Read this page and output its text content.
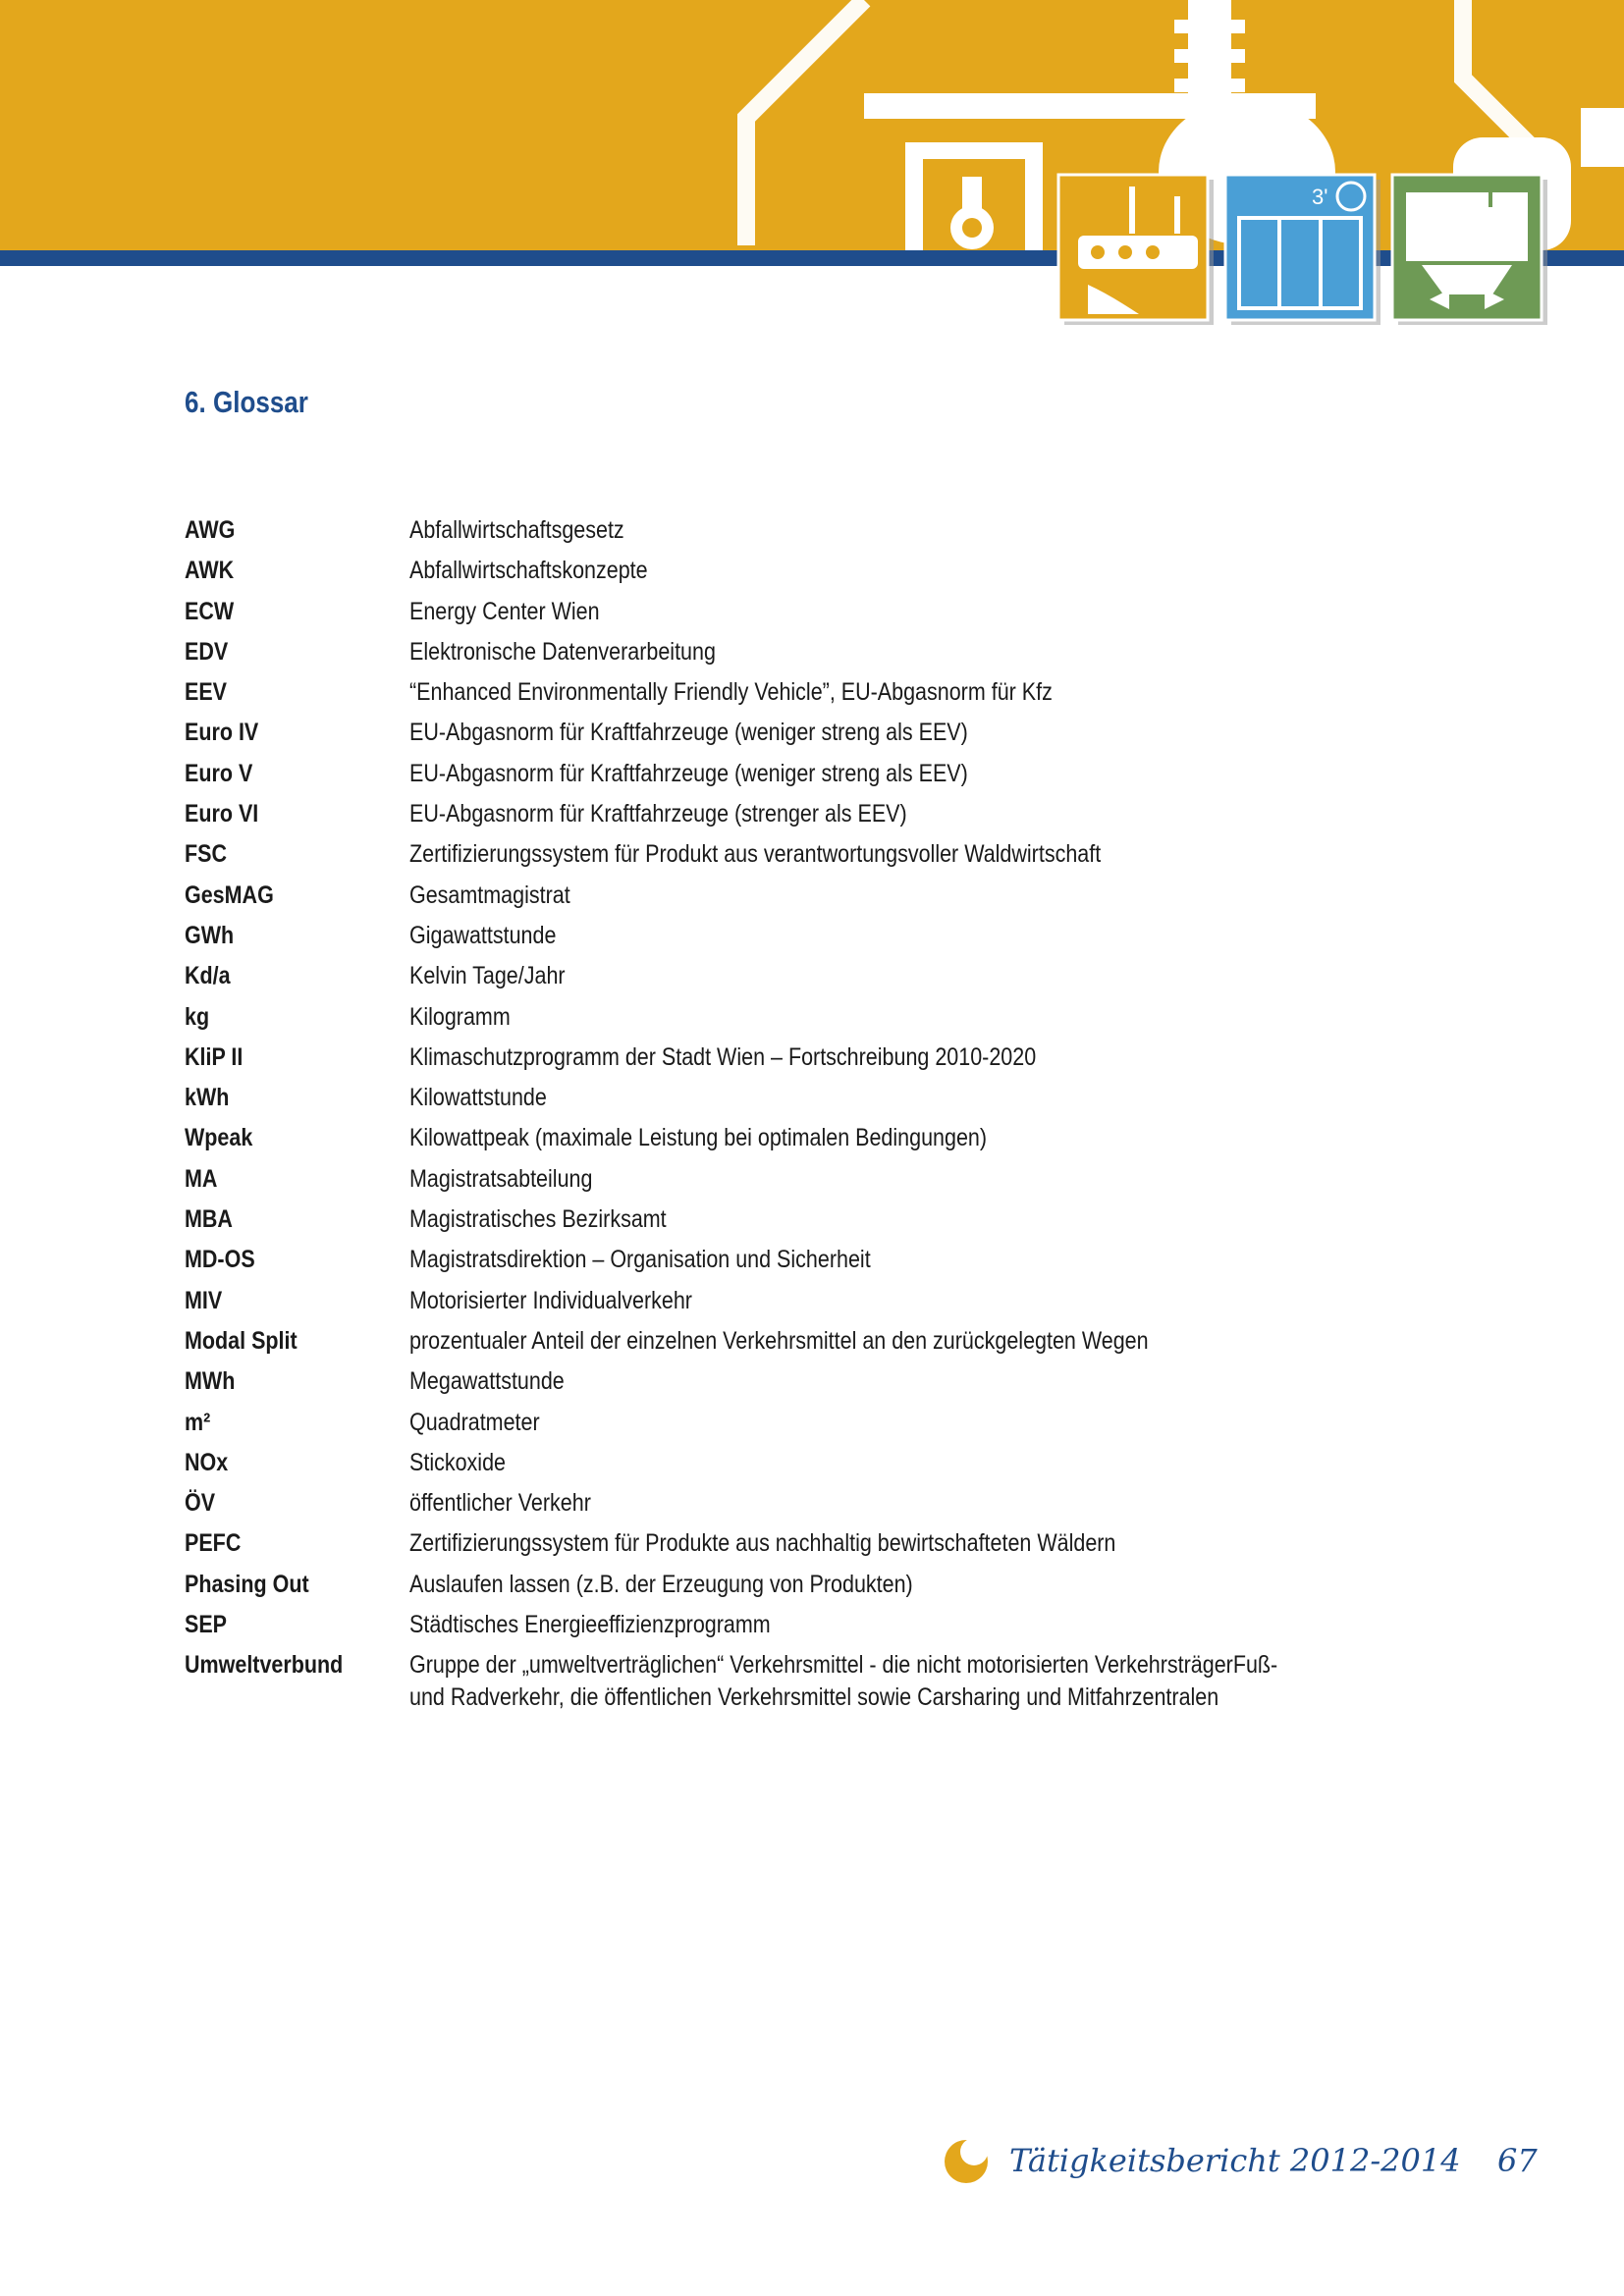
3'
6. Glossar
AWG	Abfallwirtschaftsgesetz
AWK	Abfallwirtschaftskonzepte
ECW	Energy Center Wien
EDV	Elektronische Datenverarbeitung
EEV	“Enhanced Environmentally Friendly Vehicle”, EU-Abgasnorm für Kfz
Euro IV	EU-Abgasnorm für Kraftfahrzeuge (weniger streng als EEV)
Euro V	EU-Abgasnorm für Kraftfahrzeuge (weniger streng als EEV)
Euro VI	EU-Abgasnorm für Kraftfahrzeuge (strenger als EEV)
FSC	Zertifizierungssystem für Produkt aus verantwortungsvoller Waldwirtschaft
GesMAG	Gesamtmagistrat
GWh	Gigawattstunde
Kd/a	Kelvin Tage/Jahr
kg	Kilogramm
KliP II	Klimaschutzprogramm der Stadt Wien – Fortschreibung 2010-2020
kWh	Kilowattstunde
Wpeak	Kilowattpeak (maximale Leistung bei optimalen Bedingungen)
MA	Magistratsabteilung
MBA	Magistratisches Bezirksamt
MD-OS	Magistratsdirektion – Organisation und Sicherheit
MIV	Motorisierter Individualverkehr
Modal Split	prozentualer Anteil der einzelnen Verkehrsmittel an den zurückgelegten Wegen
MWh	Megawattstunde
m²	Quadratmeter
NOx	Stickoxide
ÖV	öffentlicher Verkehr
PEFC	Zertifizierungssystem für Produkte aus nachhaltig bewirtschafteten Wäldern
Phasing Out	Auslaufen lassen (z.B. der Erzeugung von Produkten)
SEP	Städtisches Energieeffizienzprogramm
Umweltverbund	Gruppe der „umweltverträglichen“ Verkehrsmittel - die nicht motorisierten VerkehrsträgerFuß- und Radverkehr, die öffentlichen Verkehrsmittel sowie Carsharing und Mitfahrzentralen
Tätigkeitsbericht 2012-2014 67
